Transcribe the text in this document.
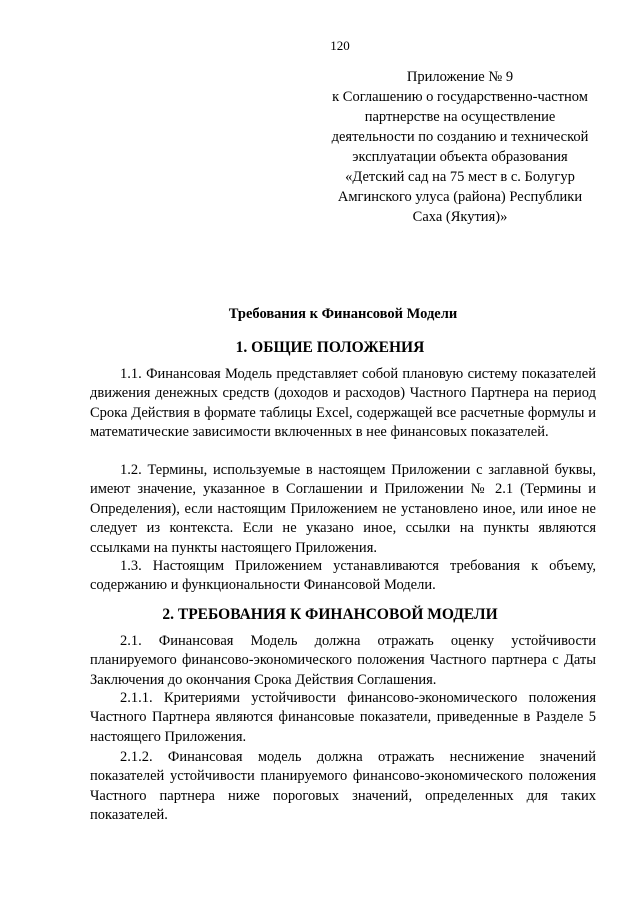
120
Приложение № 9
к Соглашению о государственно-частном
партнерстве на осуществление
деятельности по созданию и технической
эксплуатации объекта образования
«Детский сад на 75 мест в с. Болугур
Амгинского улуса (района) Республики
Саха (Якутия)»
Требования к Финансовой Модели
1. ОБЩИЕ ПОЛОЖЕНИЯ

1.1. Финансовая Модель представляет собой плановую систему показателей движения денежных средств (доходов и расходов) Частного Партнера на период Срока Действия в формате таблицы Excel, содержащей все расчетные формулы и математические зависимости включенных в нее финансовых показателей.

1.2. Термины, используемые в настоящем Приложении с заглавной буквы, имеют значение, указанное в Соглашении и Приложении № 2.1 (Термины и Определения), если настоящим Приложением не установлено иное, или иное не следует из контекста. Если не указано иное, ссылки на пункты являются ссылками на пункты настоящего Приложения.

1.3. Настоящим Приложением устанавливаются требования к объему, содержанию и функциональности Финансовой Модели.

2. ТРЕБОВАНИЯ К ФИНАНСОВОЙ МОДЕЛИ

2.1. Финансовая Модель должна отражать оценку устойчивости планируемого финансово-экономического положения Частного партнера с Даты Заключения до окончания Срока Действия Соглашения.

2.1.1. Критериями устойчивости финансово-экономического положения Частного Партнера являются финансовые показатели, приведенные в Разделе 5 настоящего Приложения.

2.1.2. Финансовая модель должна отражать неснижение значений показателей устойчивости планируемого финансово-экономического положения Частного партнера ниже пороговых значений, определенных для таких показателей.
